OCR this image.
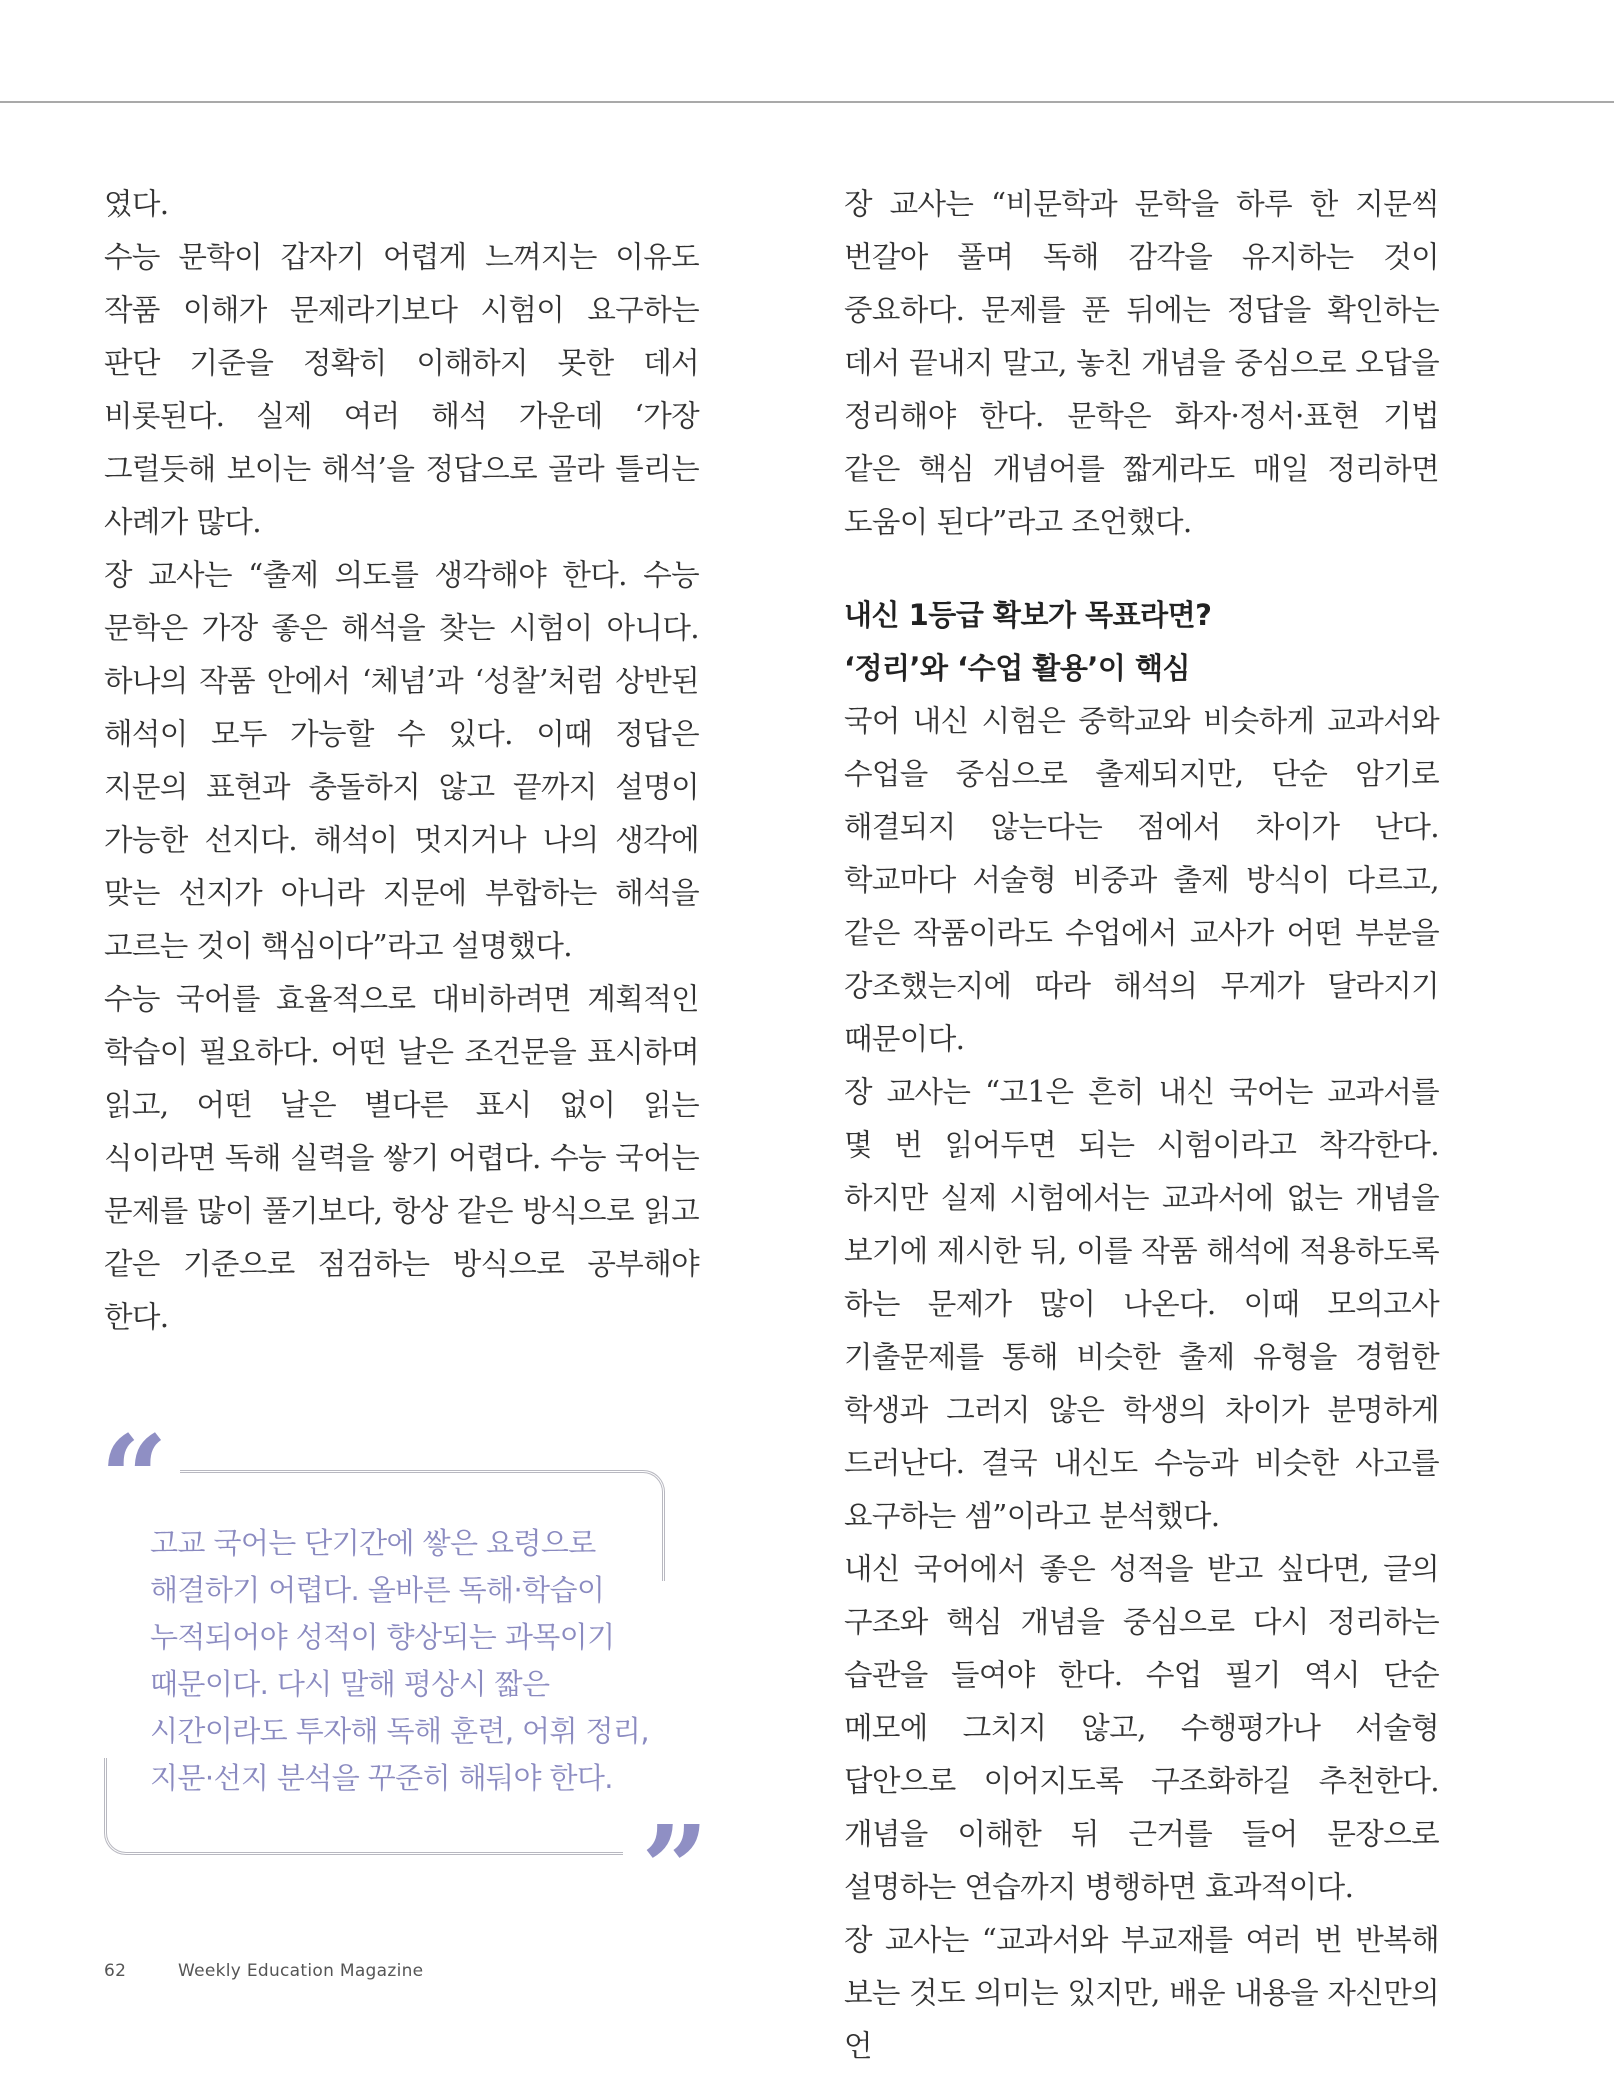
였다.

수능 문학이 갑자기 어렵게 느껴지는 이유도 작품 이해가 문제라기보다 시험이 요구하는 판단 기준을 정확히 이해하지 못한 데서 비롯된다. 실제 여러 해석 가운데 ‘가장 그럴듯해 보이는 해석’을 정답으로 골라 틀리는 사례가 많다.

장 교사는 “출제 의도를 생각해야 한다. 수능 문학은 가장 좋은 해석을 찾는 시험이 아니다. 하나의 작품 안에서 ‘체념’과 ‘성찰’처럼 상반된 해석이 모두 가능할 수 있다. 이때 정답은 지문의 표현과 충돌하지 않고 끝까지 설명이 가능한 선지다. 해석이 멋지거나 나의 생각에 맞는 선지가 아니라 지문에 부합하는 해석을 고르는 것이 핵심이다”라고 설명했다.

수능 국어를 효율적으로 대비하려면 계획적인 학습이 필요하다. 어떤 날은 조건문을 표시하며 읽고, 어떤 날은 별다른 표시 없이 읽는 식이라면 독해 실력을 쌓기 어렵다. 수능 국어는 문제를 많이 풀기보다, 항상 같은 방식으로 읽고 같은 기준으로 점검하는 방식으로 공부해야 한다.

“

고교 국어는 단기간에 쌓은 요령으로
해결하기 어렵다. 올바른 독해·학습이
누적되어야 성적이 향상되는 과목이기
때문이다. 다시 말해 평상시 짧은
시간이라도 투자해 독해 훈련, 어휘 정리,
지문·선지 분석을 꾸준히 해둬야 한다.

”

장 교사는 “비문학과 문학을 하루 한 지문씩 번갈아 풀며 독해 감각을 유지하는 것이 중요하다. 문제를 푼 뒤에는 정답을 확인하는 데서 끝내지 말고, 놓친 개념을 중심으로 오답을 정리해야 한다. 문학은 화자·정서·표현 기법 같은 핵심 개념어를 짧게라도 매일 정리하면 도움이 된다”라고 조언했다.

내신 1등급 확보가 목표라면?
‘정리’와 ‘수업 활용’이 핵심

국어 내신 시험은 중학교와 비슷하게 교과서와 수업을 중심으로 출제되지만, 단순 암기로 해결되지 않는다는 점에서 차이가 난다. 학교마다 서술형 비중과 출제 방식이 다르고, 같은 작품이라도 수업에서 교사가 어떤 부분을 강조했는지에 따라 해석의 무게가 달라지기 때문이다.

장 교사는 “고1은 흔히 내신 국어는 교과서를 몇 번 읽어두면 되는 시험이라고 착각한다. 하지만 실제 시험에서는 교과서에 없는 개념을 보기에 제시한 뒤, 이를 작품 해석에 적용하도록 하는 문제가 많이 나온다. 이때 모의고사 기출문제를 통해 비슷한 출제 유형을 경험한 학생과 그러지 않은 학생의 차이가 분명하게 드러난다. 결국 내신도 수능과 비슷한 사고를 요구하는 셈”이라고 분석했다.

내신 국어에서 좋은 성적을 받고 싶다면, 글의 구조와 핵심 개념을 중심으로 다시 정리하는 습관을 들여야 한다. 수업 필기 역시 단순 메모에 그치지 않고, 수행평가나 서술형 답안으로 이어지도록 구조화하길 추천한다. 개념을 이해한 뒤 근거를 들어 문장으로 설명하는 연습까지 병행하면 효과적이다.

장 교사는 “교과서와 부교재를 여러 번 반복해 보는 것도 의미는 있지만, 배운 내용을 자신만의 언

62	Weekly Education Magazine
